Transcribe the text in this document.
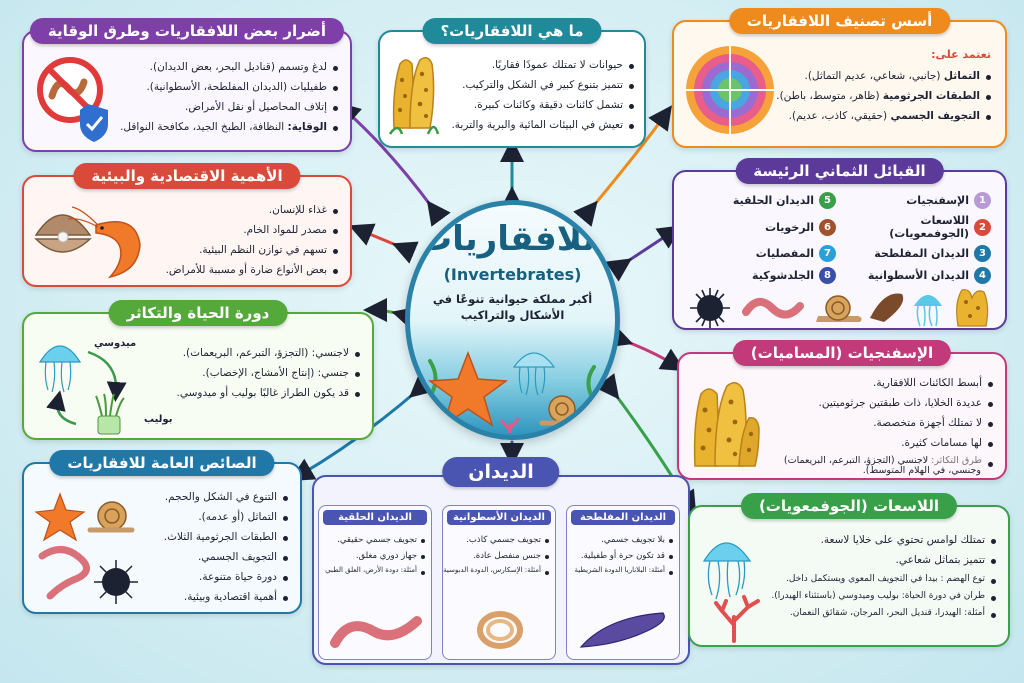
ما هي اللافقاريات؟
حيوانات لا تمتلك عمودًا فقاريًا.
تتميز بتنوع كبير في الشكل والتركيب.
تشمل كائنات دقيقة وكائنات كبيرة.
تعيش في البيئات المائية والبرية والتربة.
أسس تصنيف اللافقاريات
تعتمد على:
التماثل (جانبي، شعاعي، عديم التماثل).
الطبقات الجرثومية (ظاهر، متوسط، باطن).
التجويف الجسمي (حقيقي، كاذب، عديم).
أضرار بعض اللافقاريات وطرق الوقاية
لدغ وتسمم (قناديل البحر، بعض الديدان).
طفيليات (الديدان المفلطحة، الأسطوانية).
إتلاف المحاصيل أو نقل الأمراض.
الوقاية: النظافة، الطبخ الجيد، مكافحة النواقل.
القبائل الثماني الرئيسة
1
الإسفنجيات
5
الديدان الحلقية
2
اللاسعات (الجوفمعويات)
6
الرخويات
3
الديدان المفلطحة
7
المفصليات
4
الديدان الأسطوانية
8
الجلدشوكية
الأهمية الاقتصادية والبيئية
غذاء للإنسان.
مصدر للمواد الخام.
تسهم في توازن النظم البيئية.
بعض الأنواع ضارة أو مسببة للأمراض.
دورة الحياة والتكاثر
لاجنسي: (التجزؤ، التبرعم، البريعمات).
جنسي: (إنتاج الأمشاج، الإخصاب).
قد يكون الطراز غالبًا بوليب أو ميدوسي.
ميدوسي
بوليب
الإسفنجيات (المساميات)
أبسط الكائنات اللافقارية.
عديدة الخلايا، ذات طبقتين جرثوميتين.
لا تمتلك أجهزة متخصصة.
لها مسامات كثيرة.
طرق التكاثر: لاجنسي (التجزؤ، التبرعم، البريعمات)
وجنسي، في الهلام المتوسط).
الصائص العامة للافقاريات
التنوع في الشكل والحجم.
التماثل (أو عدمه).
الطبقات الجرثومية الثلاث.
التجويف الجسمي.
دورة حياة متنوعة.
أهمية اقتصادية وبيئية.
الديدان
الديدان المفلطحة
بلا تجويف جسمي.
قد تكون حرة أو طفيلية.
أمثلة: البلاناريا الدودة الشريطية
الديدان الأسطوانية
تجويف جسمي كاذب.
جنس منفصل عادة.
أمثلة: الإسكارس، الدودة الدبوسية
الديدان الحلقية
تجويف جسمي حقيقي.
جهاز دوري مغلق.
أمثلة: دودة الأرض، العلق الطبي
اللاسعات (الجوفمعويات)
تمتلك لوامس تحتوي على خلايا لاسعة.
تتميز بتماثل شعاعي.
توع الهضم : بيدا في التجويف المعوي ويستكمل داخل.
طران في دورة الحياة: بوليب وميدوسي (باستثناء الهيدرا).
أمثلة: الهيدرا، قنديل البحر، المرجان، شقائق النعمان.
اللافقاريات
(Invertebrates)
أكبر مملكة حيوانية تنوعًا في الأشكال والتراكيب
